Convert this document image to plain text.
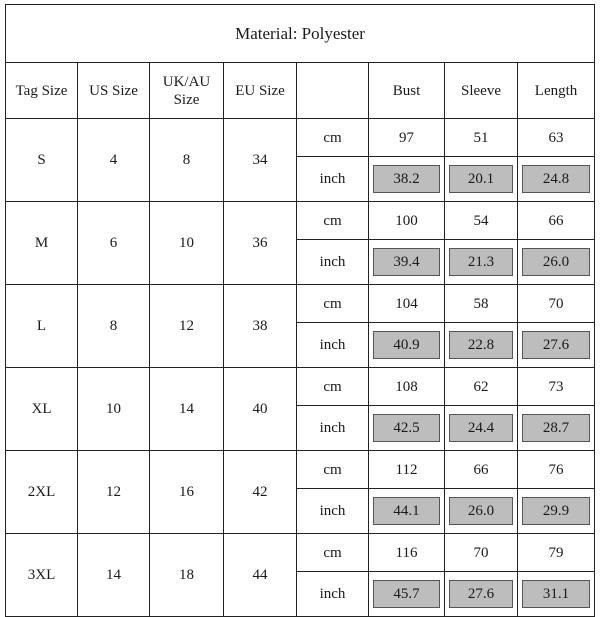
Material: Polyester							
Tag Size	US Size	UK/AU Size	EU Size		Bust	Sleeve	Length
S	4	8	34	cm	97	51	63
				inch	38.2	20.1	24.8

M	6	10	36	cm	100	54	66
				inch	39.4	21.3	26.0

L	8	12	38	cm	104	58	70
				inch	40.9	22.8	27.6

XL	10	14	40	cm	108	62	73
				inch	42.5	24.4	28.7

2XL	12	16	42	cm	112	66	76
				inch	44.1	26.0	29.9

3XL	14	18	44	cm	116	70	79
				inch	45.7	27.6	31.1
